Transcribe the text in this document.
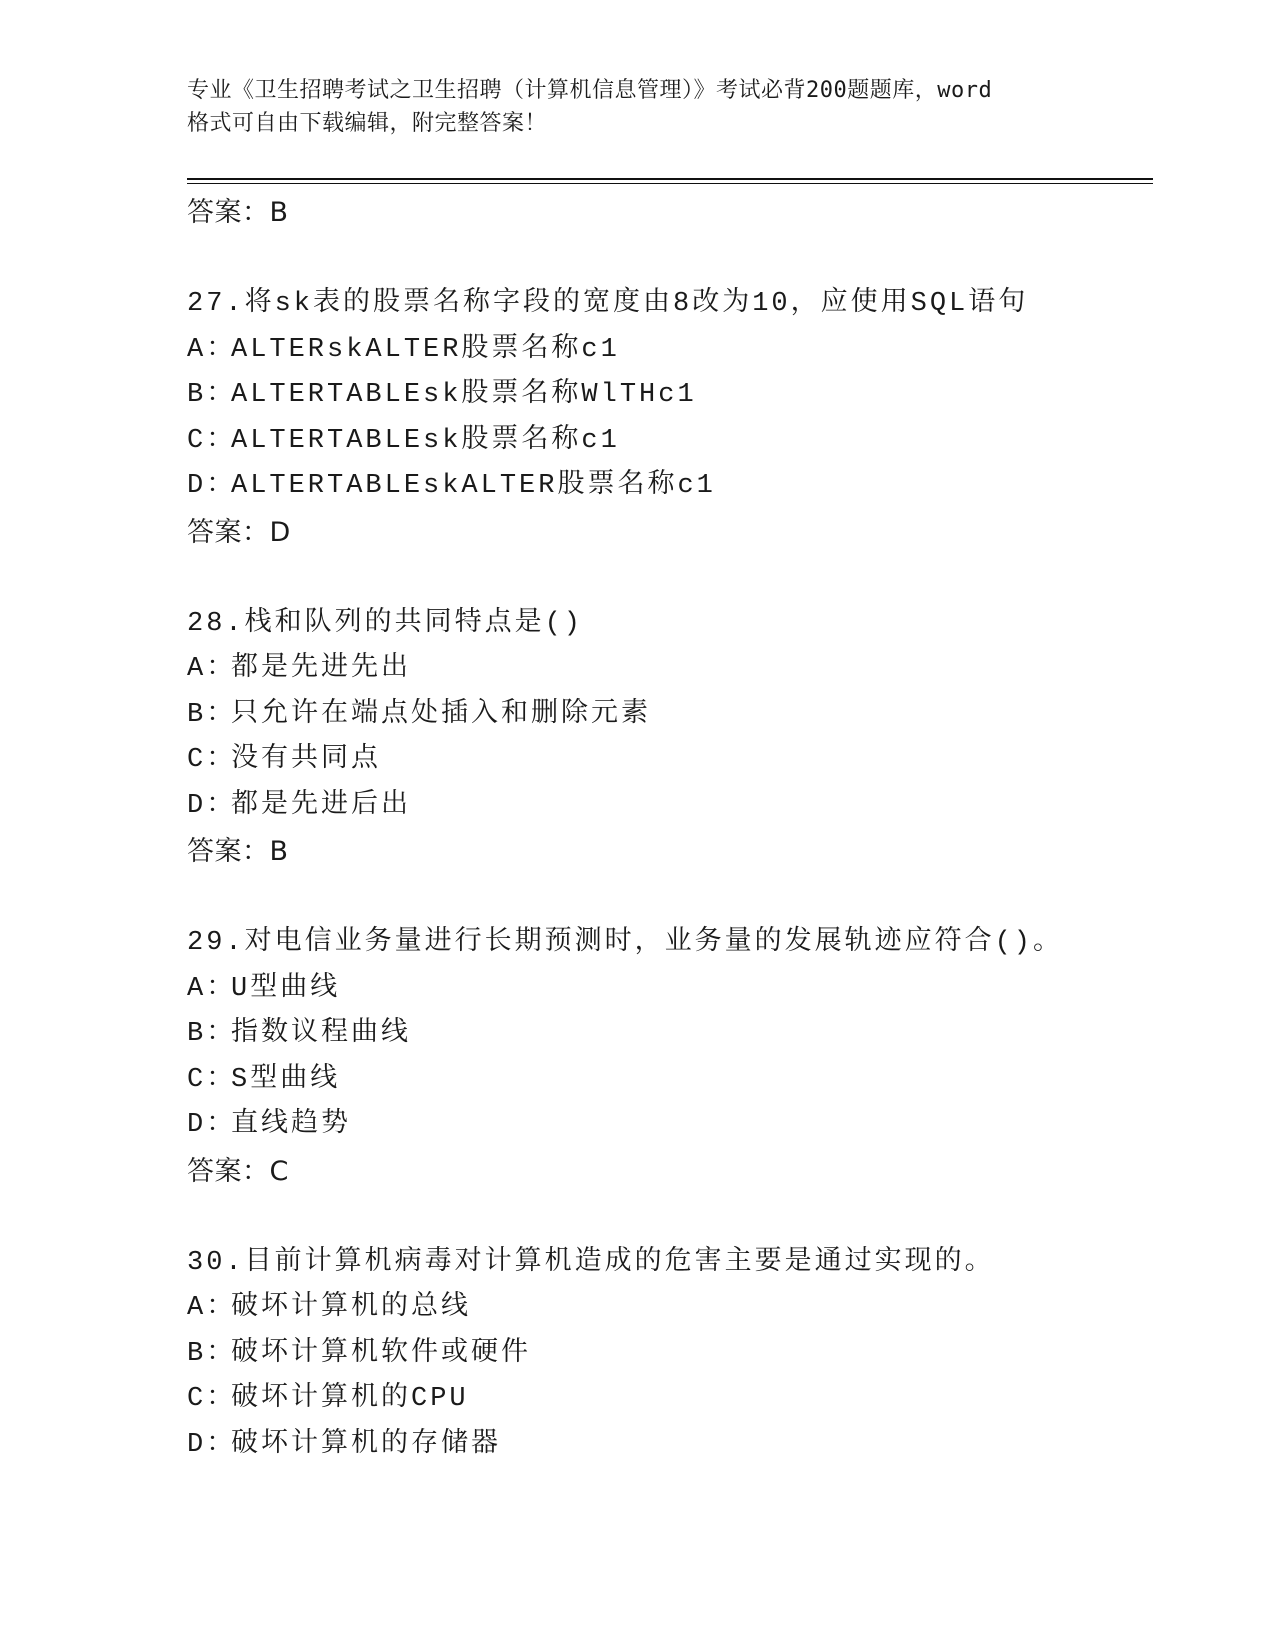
专业《卫生招聘考试之卫生招聘（计算机信息管理）》考试必背200题题库，word
格式可自由下载编辑，附完整答案！
答案：B
27.将sk表的股票名称字段的宽度由8改为10，应使用SQL语句
A：ALTERskALTER股票名称c1
B：ALTERTABLEsk股票名称WlTHc1
C：ALTERTABLEsk股票名称c1
D：ALTERTABLEskALTER股票名称c1
答案：D
28.栈和队列的共同特点是()
A：都是先进先出
B：只允许在端点处插入和删除元素
C：没有共同点
D：都是先进后出
答案：B
29.对电信业务量进行长期预测时，业务量的发展轨迹应符合()。
A：U型曲线
B：指数议程曲线
C：S型曲线
D：直线趋势
答案：C
30.目前计算机病毒对计算机造成的危害主要是通过实现的。
A：破坏计算机的总线
B：破坏计算机软件或硬件
C：破坏计算机的CPU
D：破坏计算机的存储器
